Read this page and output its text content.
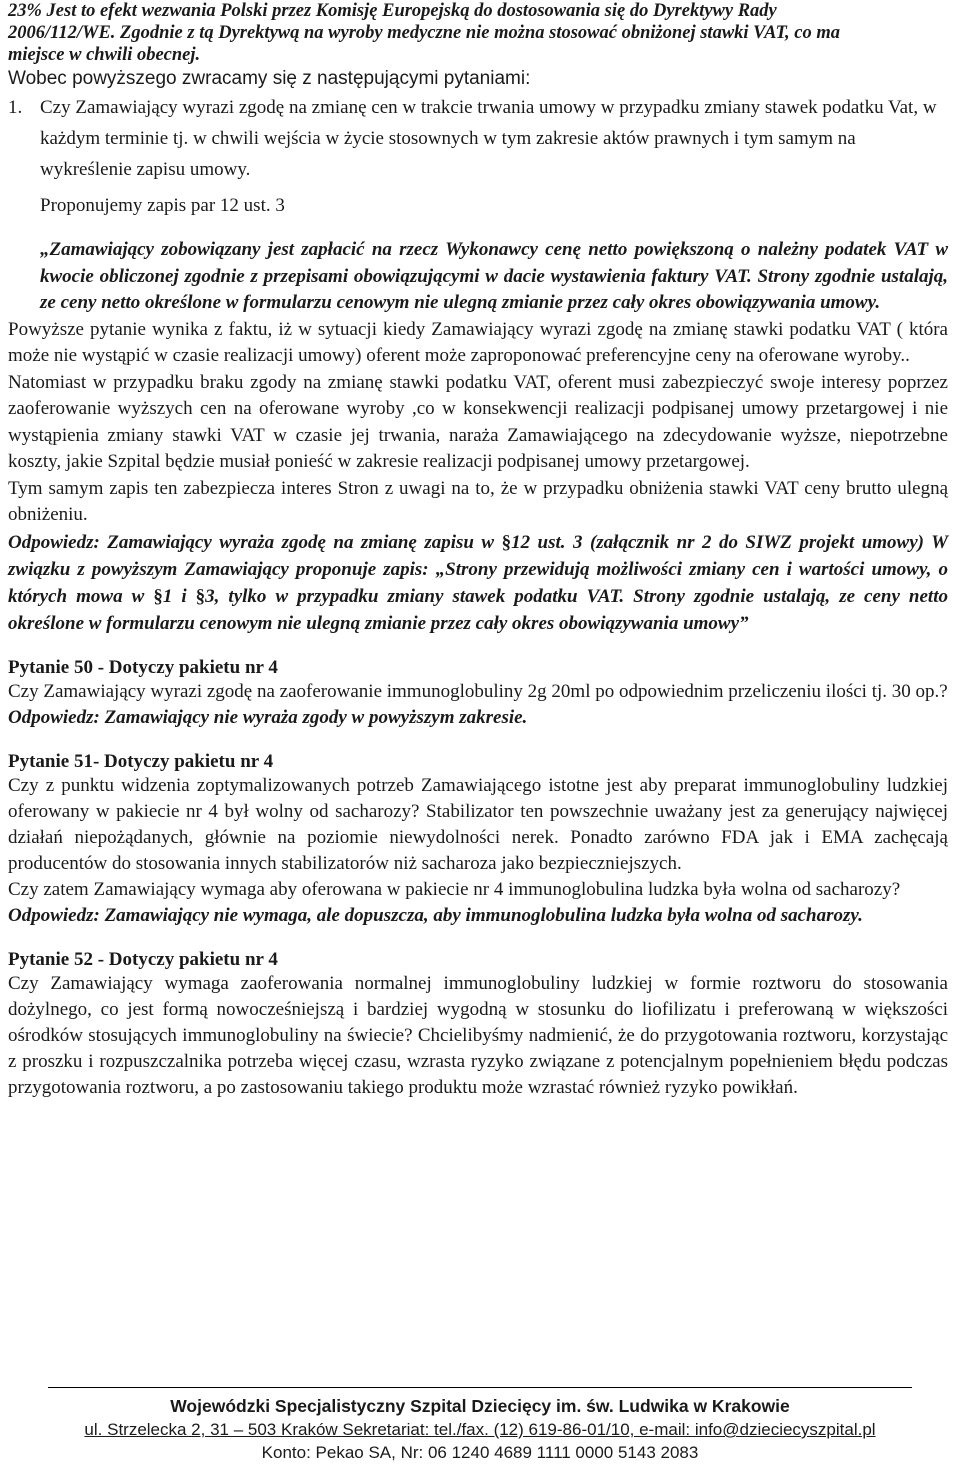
23% Jest to efekt wezwania Polski przez Komisję Europejską do dostosowania się do Dyrektywy Rady

2006/112/WE. Zgodnie z tą Dyrektywą na wyroby medyczne nie można stosować obniżonej stawki VAT, co ma

miejsce w chwili obecnej.

Wobec powyższego zwracamy się z następującymi pytaniami:

1. Czy Zamawiający wyrazi zgodę na zmianę cen w trakcie trwania umowy w przypadku zmiany stawek podatku Vat, w każdym terminie tj. w chwili wejścia w życie stosownych w tym zakresie aktów prawnych i tym samym na wykreślenie zapisu umowy.

Proponujemy zapis par 12 ust. 3

„Zamawiający zobowiązany jest zapłacić na rzecz Wykonawcy cenę netto powiększoną o należny podatek VAT w kwocie obliczonej zgodnie z przepisami obowiązującymi w dacie wystawienia faktury VAT. Strony zgodnie ustalają, ze ceny netto określone w formularzu cenowym nie ulegną zmianie przez cały okres obowiązywania umowy.

Powyższe pytanie wynika z faktu, iż w sytuacji kiedy Zamawiający wyrazi zgodę na zmianę stawki podatku VAT ( która może nie wystąpić w czasie realizacji umowy) oferent może zaproponować preferencyjne ceny na oferowane wyroby..

Natomiast w przypadku braku zgody na zmianę stawki podatku VAT, oferent musi zabezpieczyć swoje interesy poprzez zaoferowanie wyższych cen na oferowane wyroby ,co w konsekwencji realizacji podpisanej umowy przetargowej i nie wystąpienia zmiany stawki VAT w czasie jej trwania, naraża Zamawiającego na zdecydowanie wyższe, niepotrzebne koszty, jakie Szpital będzie musiał ponieść w zakresie realizacji podpisanej umowy przetargowej.

Tym samym zapis ten zabezpiecza interes Stron z uwagi na to, że w przypadku obniżenia stawki VAT ceny brutto ulegną obniżeniu.

Odpowiedz: Zamawiający wyraża zgodę na zmianę zapisu w §12 ust. 3 (załącznik nr 2 do SIWZ projekt umowy) W związku z powyższym Zamawiający proponuje zapis: „Strony przewidują możliwości zmiany cen i wartości umowy, o których mowa w §1 i §3, tylko w przypadku zmiany stawek podatku VAT. Strony zgodnie ustalają, ze ceny netto określone w formularzu cenowym nie ulegną zmianie przez cały okres obowiązywania umowy”

Pytanie 50 - Dotyczy pakietu nr 4

Czy Zamawiający wyrazi zgodę na zaoferowanie immunoglobuliny 2g 20ml po odpowiednim przeliczeniu ilości tj. 30 op.?

Odpowiedz: Zamawiający nie wyraża zgody w powyższym zakresie.

Pytanie 51- Dotyczy pakietu nr 4

Czy z punktu widzenia zoptymalizowanych potrzeb Zamawiającego istotne jest aby preparat immunoglobuliny ludzkiej oferowany w pakiecie nr 4 był wolny od sacharozy? Stabilizator ten powszechnie uważany jest za generujący najwięcej działań niepożądanych, głównie na poziomie niewydolności nerek. Ponadto zarówno FDA jak i EMA zachęcają producentów do stosowania innych stabilizatorów niż sacharoza jako bezpieczniejszych.

Czy zatem Zamawiający wymaga aby oferowana w pakiecie nr 4 immunoglobulina ludzka była wolna od sacharozy?

Odpowiedz: Zamawiający nie wymaga, ale dopuszcza, aby immunoglobulina ludzka była wolna od sacharozy.

Pytanie 52 - Dotyczy pakietu nr 4

Czy Zamawiający wymaga zaoferowania normalnej immunoglobuliny ludzkiej w formie roztworu do stosowania dożylnego, co jest formą nowocześniejszą i bardziej wygodną w stosunku do liofilizatu i preferowaną w większości ośrodków stosujących immunoglobuliny na świecie? Chcielibyśmy nadmienić, że do przygotowania roztworu, korzystając z proszku i rozpuszczalnika potrzeba więcej czasu, wzrasta ryzyko związane z potencjalnym popełnieniem błędu podczas przygotowania roztworu, a po zastosowaniu takiego produktu może wzrastać również ryzyko powikłań.

Wojewódzki Specjalistyczny Szpital Dziecięcy im. św. Ludwika w Krakowie

ul. Strzelecka 2, 31 – 503 Kraków Sekretariat: tel./fax. (12) 619-86-01/10, e-mail: info@dzieciecyszpital.pl

Konto: Pekao SA, Nr: 06 1240 4689 1111 0000 5143 2083
